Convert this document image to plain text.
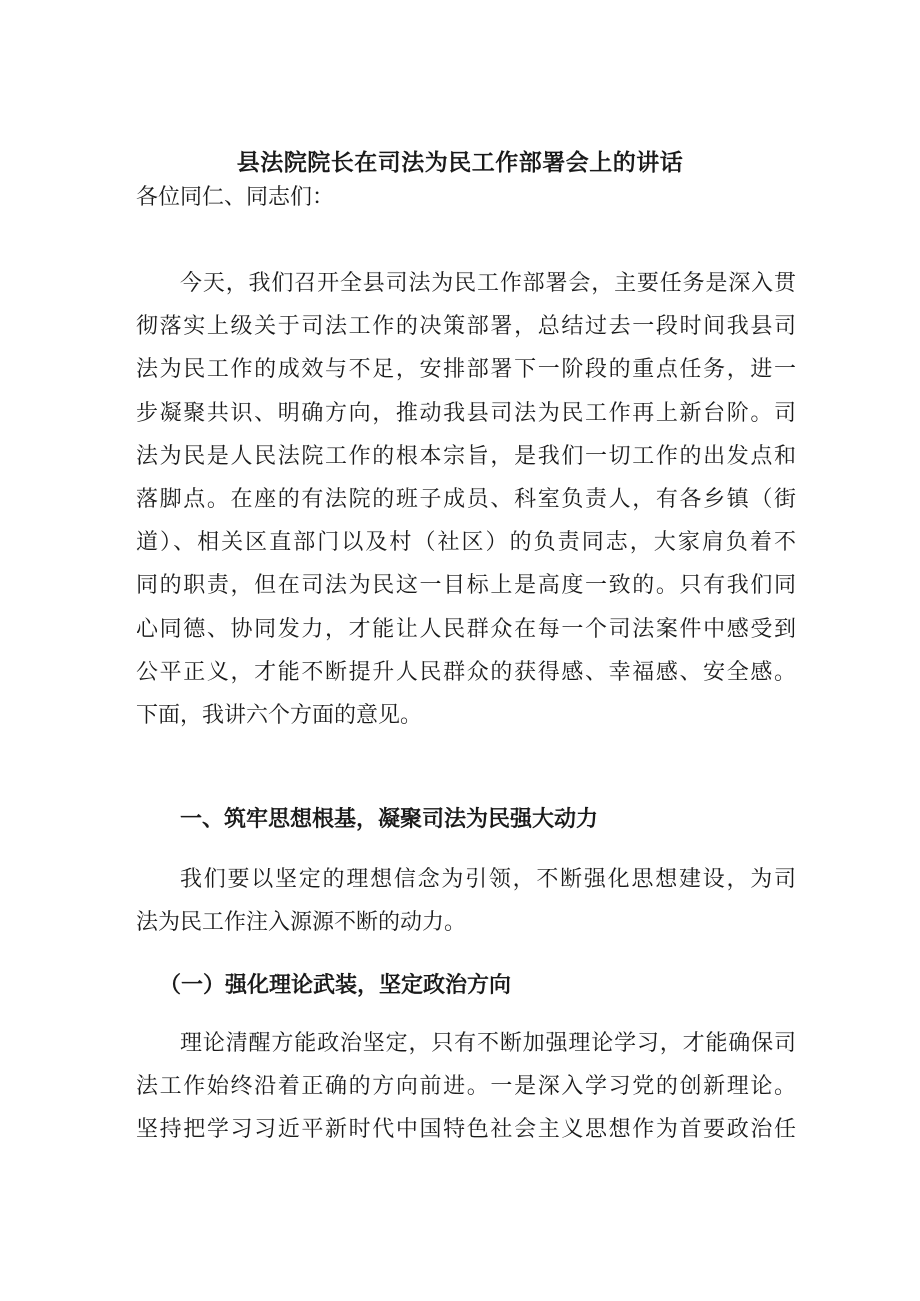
县法院院长在司法为民工作部署会上的讲话
各位同仁、同志们：
今天，我们召开全县司法为民工作部署会，主要任务是深入贯
彻落实上级关于司法工作的决策部署，总结过去一段时间我县司
法为民工作的成效与不足，安排部署下一阶段的重点任务，进一
步凝聚共识、明确方向，推动我县司法为民工作再上新台阶。司
法为民是人民法院工作的根本宗旨，是我们一切工作的出发点和
落脚点。在座的有法院的班子成员、科室负责人，有各乡镇（街
道）、相关区直部门以及村（社区）的负责同志，大家肩负着不
同的职责，但在司法为民这一目标上是高度一致的。只有我们同
心同德、协同发力，才能让人民群众在每一个司法案件中感受到
公平正义，才能不断提升人民群众的获得感、幸福感、安全感。
下面，我讲六个方面的意见。
一、筑牢思想根基，凝聚司法为民强大动力
我们要以坚定的理想信念为引领，不断强化思想建设，为司
法为民工作注入源源不断的动力。
（一）强化理论武装，坚定政治方向
理论清醒方能政治坚定，只有不断加强理论学习，才能确保司
法工作始终沿着正确的方向前进。一是深入学习党的创新理论。
坚持把学习习近平新时代中国特色社会主义思想作为首要政治任
